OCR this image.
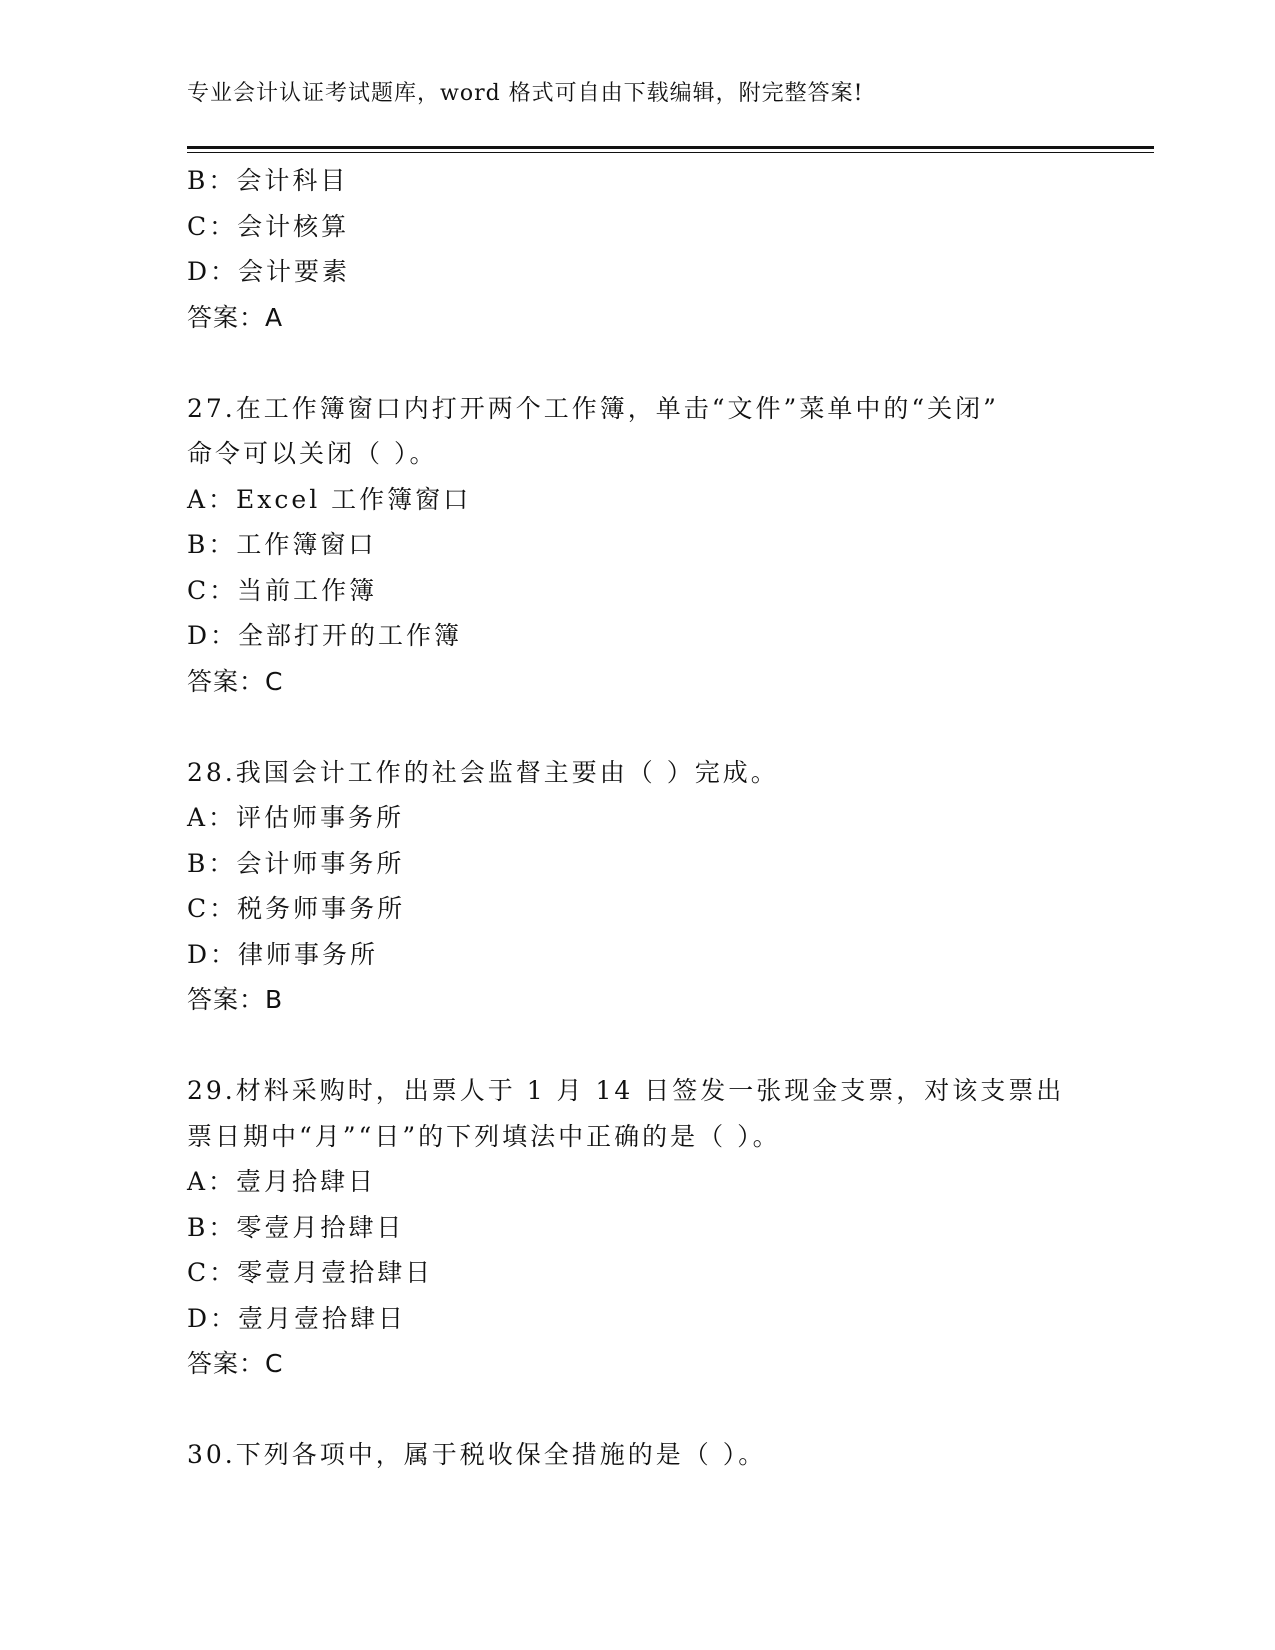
专业会计认证考试题库，word 格式可自由下载编辑，附完整答案!
B：会计科目
C：会计核算
D：会计要素
答案：A
27.在工作簿窗口内打开两个工作簿，单击“文件”菜单中的“关闭”
命令可以关闭（ ）。
A：Excel 工作簿窗口
B：工作簿窗口
C：当前工作簿
D：全部打开的工作簿
答案：C
28.我国会计工作的社会监督主要由（ ）完成。
A：评估师事务所
B：会计师事务所
C：税务师事务所
D：律师事务所
答案：B
29.材料采购时，出票人于 1 月 14 日签发一张现金支票，对该支票出
票日期中“月”“日”的下列填法中正确的是（ ）。
A：壹月拾肆日
B：零壹月拾肆日
C：零壹月壹拾肆日
D：壹月壹拾肆日
答案：C
30.下列各项中，属于税收保全措施的是（ ）。
